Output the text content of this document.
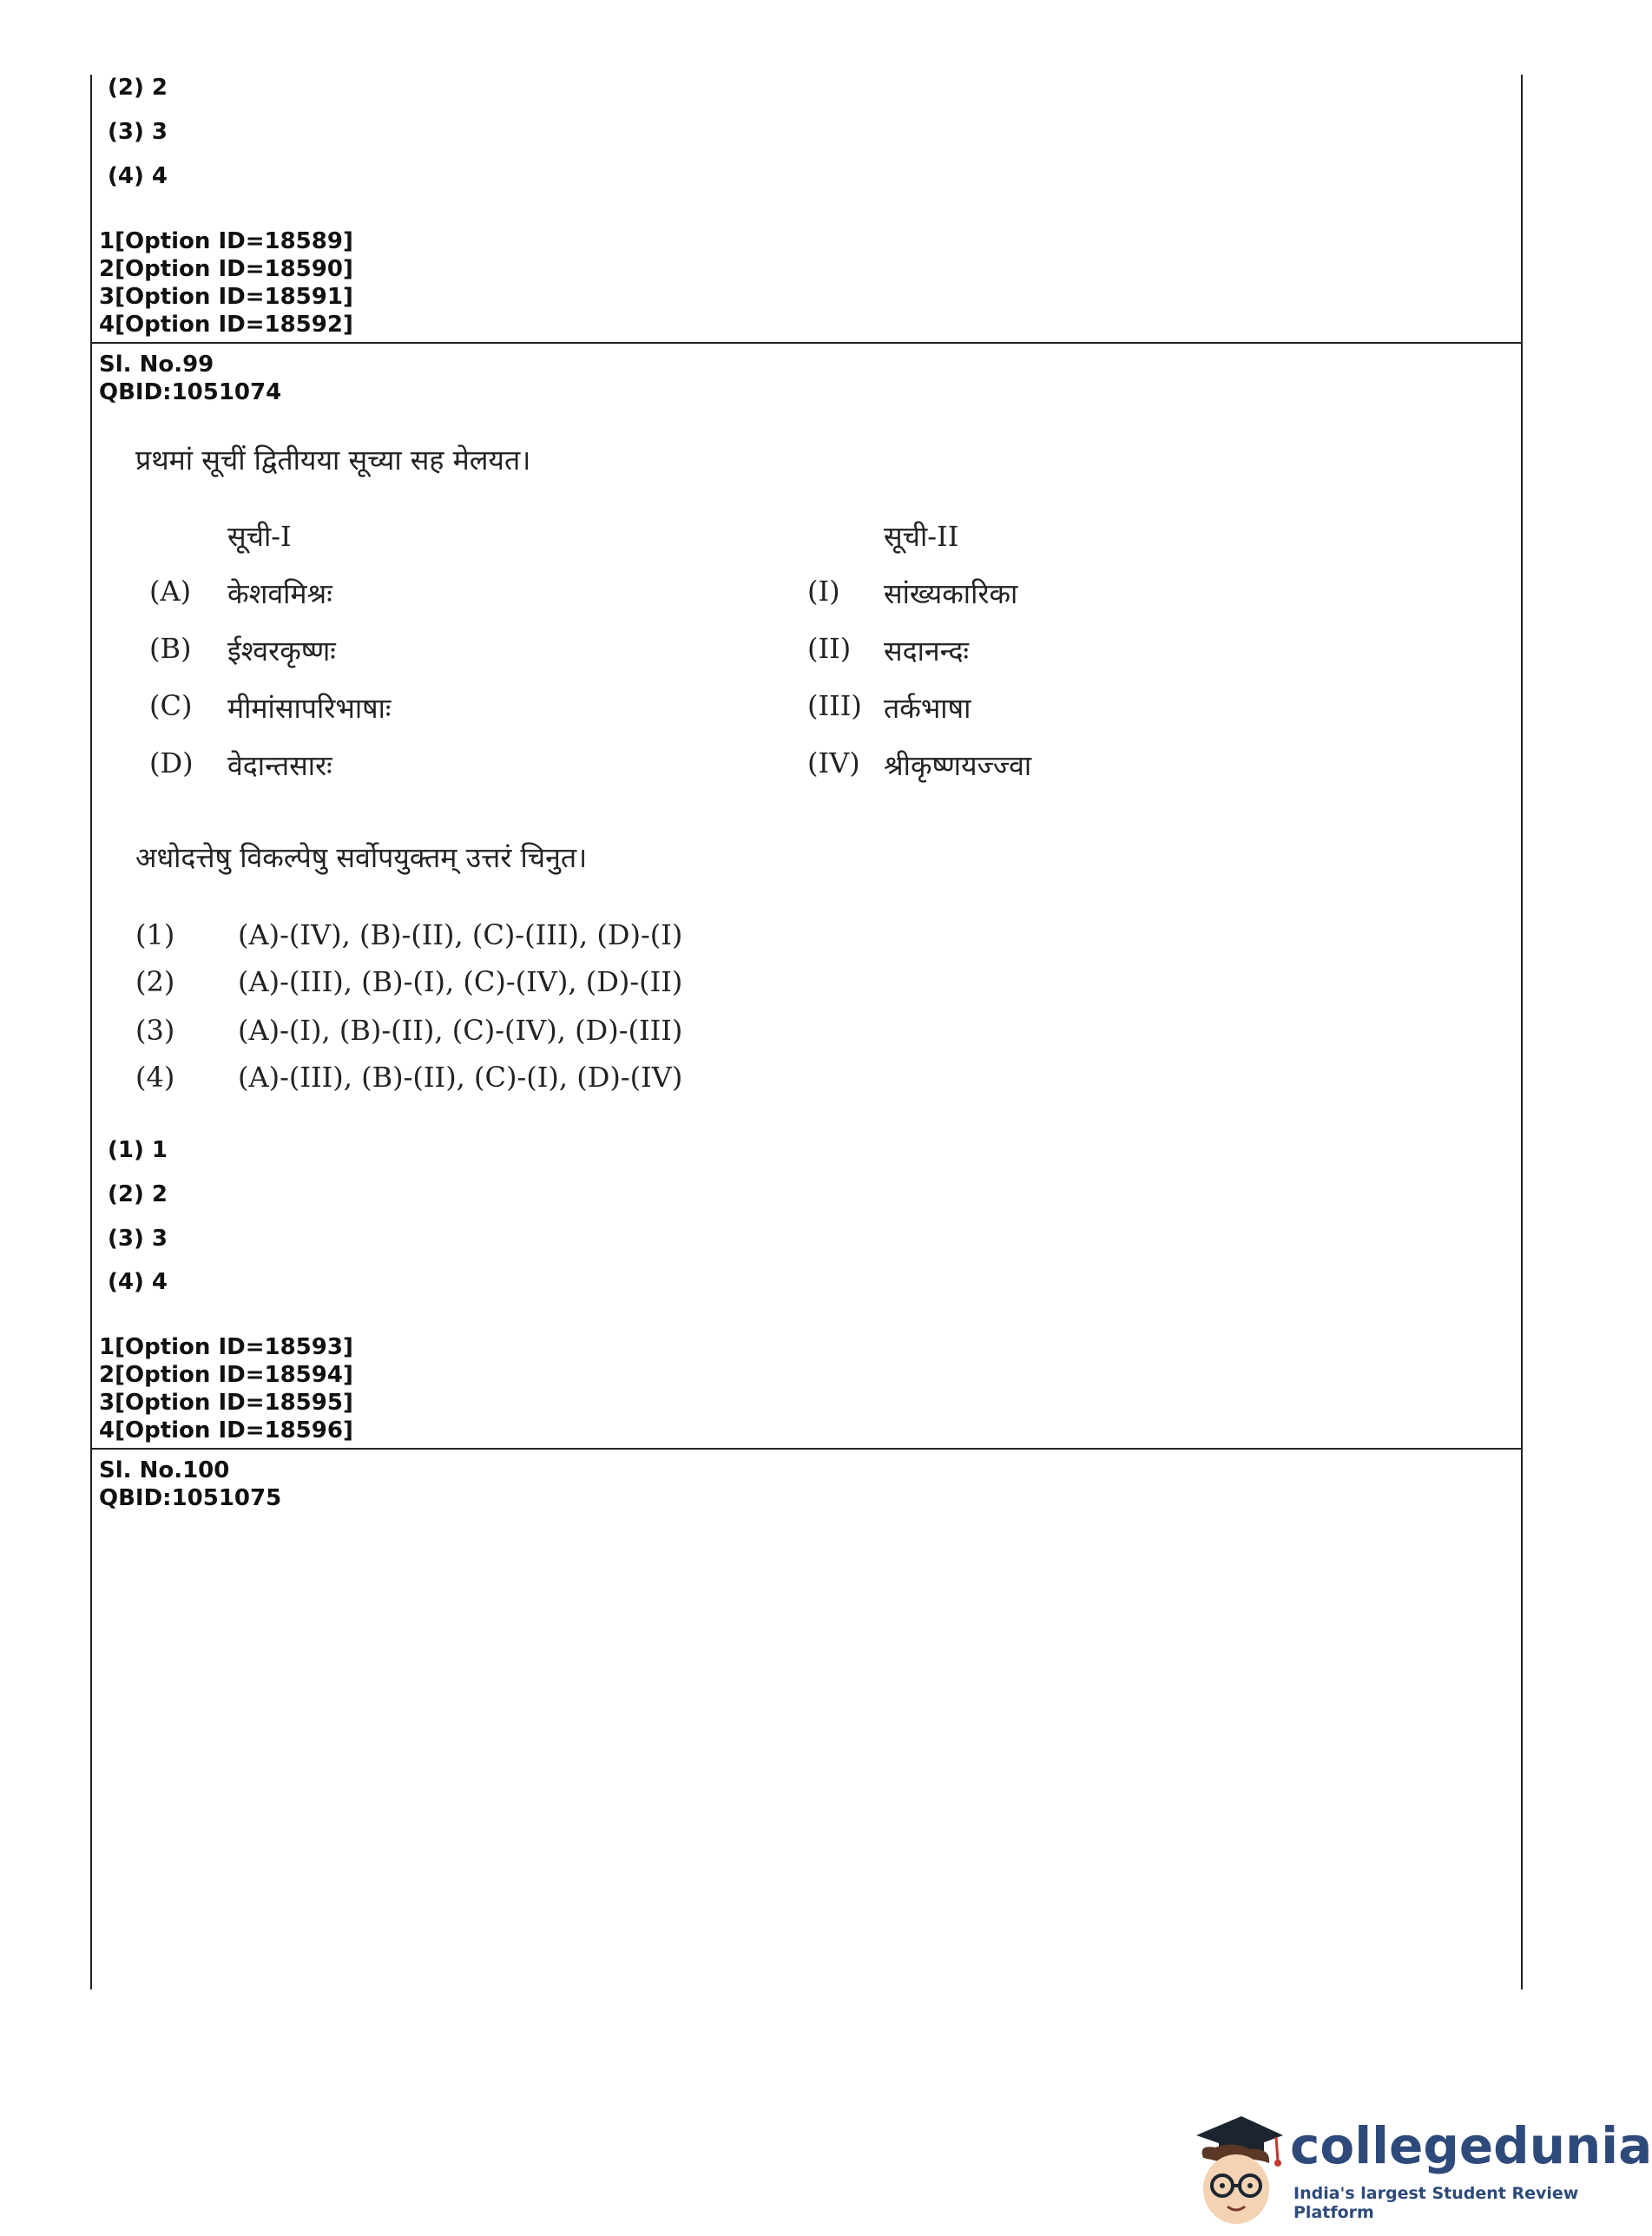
(2) 2
(3) 3
(4) 4
1[Option ID=18589]
2[Option ID=18590]
3[Option ID=18591]
4[Option ID=18592]
Sl. No.99
QBID:1051074
प्रथमां सूचीं द्वितीयया सूच्या सह मेलयत।
सूची-I	सूची-II
(A) केशवमिश्रः
(B) ईश्वरकृष्णः
(C) मीमांसापरिभाषाः
(D) वेदान्तसारः
(I) सांख्यकारिका
(II) सदानन्दः
(III) तर्कभाषा
(IV) श्रीकृष्णयज्ज्वा
अधोदत्तेषु विकल्पेषु सर्वोपयुक्तम् उत्तरं चिनुत।
(1) (A)-(IV), (B)-(II), (C)-(III), (D)-(I)
(2) (A)-(III), (B)-(I), (C)-(IV), (D)-(II)
(3) (A)-(I), (B)-(II), (C)-(IV), (D)-(III)
(4) (A)-(III), (B)-(II), (C)-(I), (D)-(IV)
(1) 1
(2) 2
(3) 3
(4) 4
1[Option ID=18593]
2[Option ID=18594]
3[Option ID=18595]
4[Option ID=18596]
Sl. No.100
QBID:1051075
collegedunia
India's largest Student Review Platform
